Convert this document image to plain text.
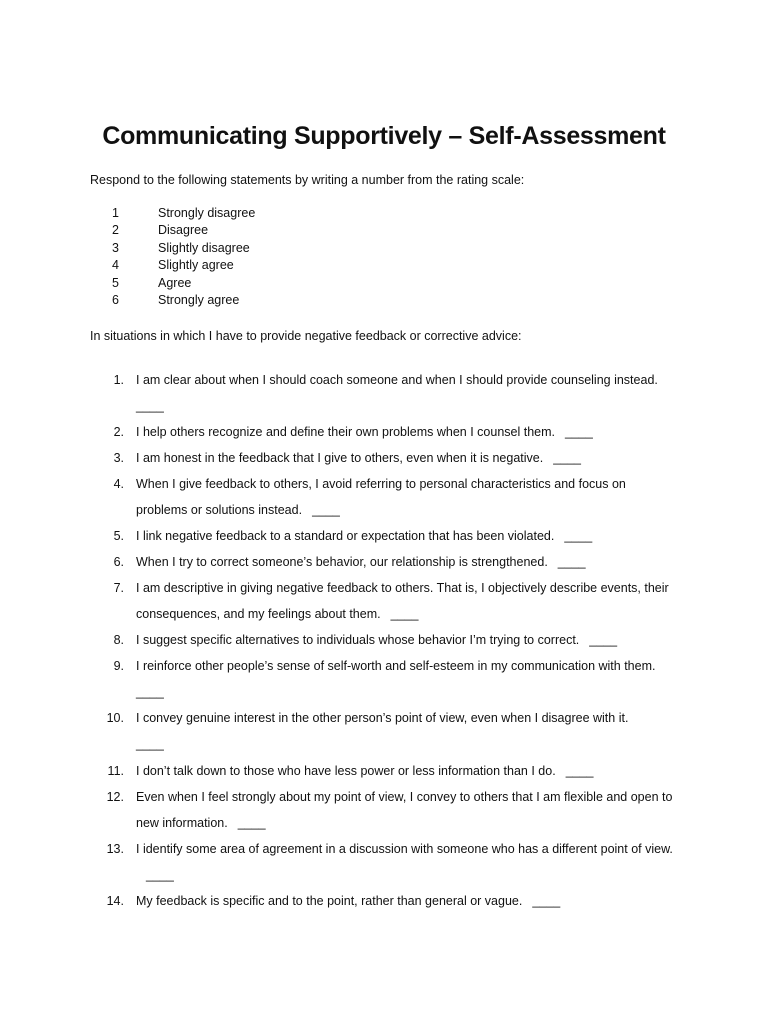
Communicating Supportively – Self-Assessment
Respond to the following statements by writing a number from the rating scale:
1	Strongly disagree
2	Disagree
3	Slightly disagree
4	Slightly agree
5	Agree
6	Strongly agree
In situations in which I have to provide negative feedback or corrective advice:
1. I am clear about when I should coach someone and when I should provide counseling instead.
____
2. I help others recognize and define their own problems when I counsel them. ____
3. I am honest in the feedback that I give to others, even when it is negative. ____
4. When I give feedback to others, I avoid referring to personal characteristics and focus on problems or solutions instead. ____
5. I link negative feedback to a standard or expectation that has been violated. ____
6. When I try to correct someone’s behavior, our relationship is strengthened. ____
7. I am descriptive in giving negative feedback to others. That is, I objectively describe events, their consequences, and my feelings about them. ____
8. I suggest specific alternatives to individuals whose behavior I’m trying to correct. ____
9. I reinforce other people’s sense of self-worth and self-esteem in my communication with them.
____
10. I convey genuine interest in the other person’s point of view, even when I disagree with it.
____
11. I don’t talk down to those who have less power or less information than I do. ____
12. Even when I feel strongly about my point of view, I convey to others that I am flexible and open to new information. ____
13. I identify some area of agreement in a discussion with someone who has a different point of view.____
14. My feedback is specific and to the point, rather than general or vague. ____
